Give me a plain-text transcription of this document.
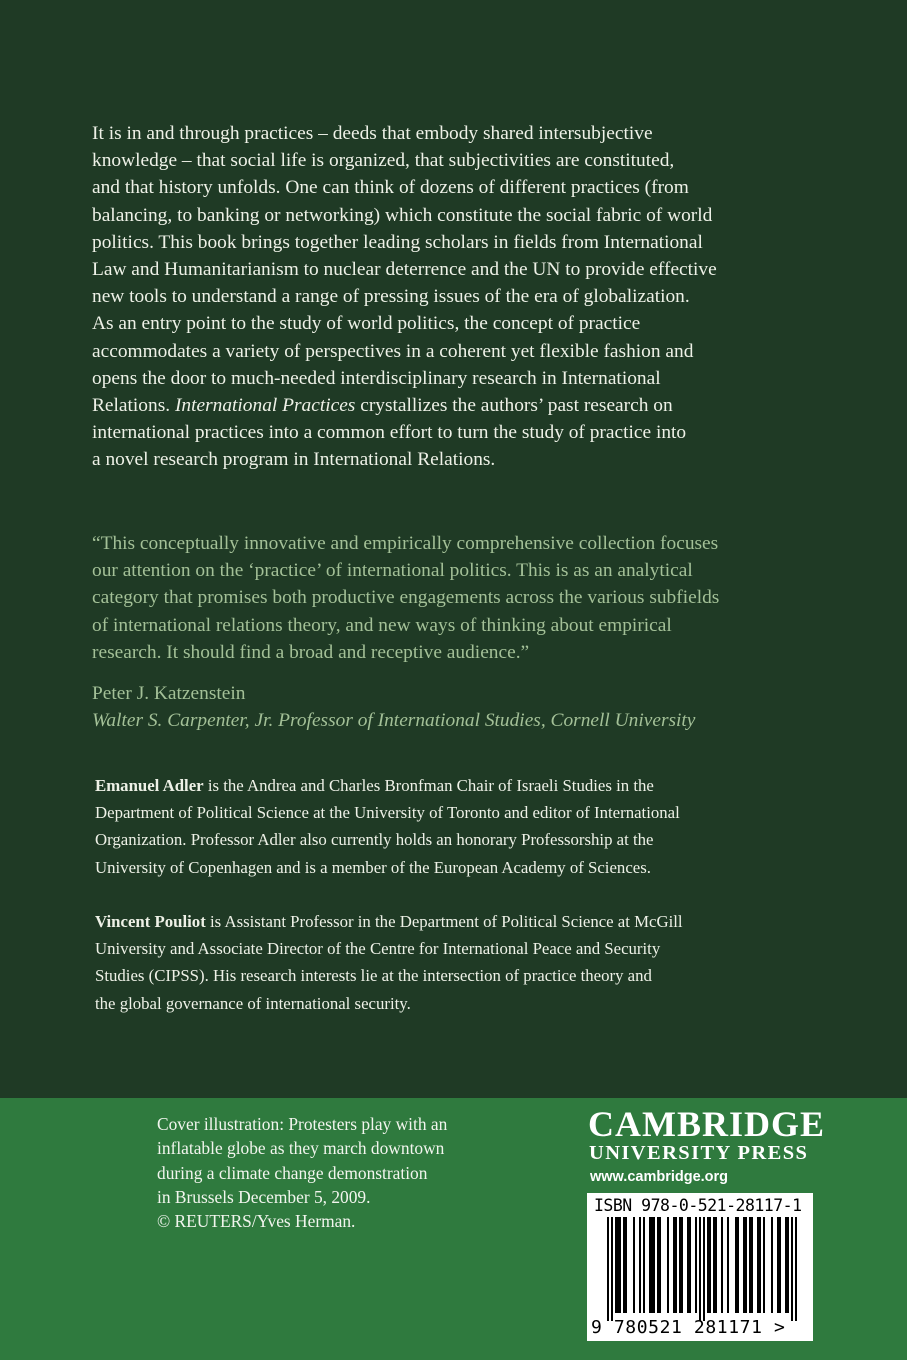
It is in and through practices – deeds that embody shared intersubjective
knowledge – that social life is organized, that subjectivities are constituted,
and that history unfolds. One can think of dozens of different practices (from
balancing, to banking or networking) which constitute the social fabric of world
politics. This book brings together leading scholars in fields from International
Law and Humanitarianism to nuclear deterrence and the UN to provide effective
new tools to understand a range of pressing issues of the era of globalization.
As an entry point to the study of world politics, the concept of practice
accommodates a variety of perspectives in a coherent yet flexible fashion and
opens the door to much-needed interdisciplinary research in International
Relations. International Practices crystallizes the authors’ past research on
international practices into a common effort to turn the study of practice into
a novel research program in International Relations.
“This conceptually innovative and empirically comprehensive collection focuses
our attention on the ‘practice’ of international politics. This is as an analytical
category that promises both productive engagements across the various subfields
of international relations theory, and new ways of thinking about empirical
research. It should find a broad and receptive audience.”
Peter J. Katzenstein
Walter S. Carpenter, Jr. Professor of International Studies, Cornell University
Emanuel Adler is the Andrea and Charles Bronfman Chair of Israeli Studies in the
Department of Political Science at the University of Toronto and editor of International
Organization. Professor Adler also currently holds an honorary Professorship at the
University of Copenhagen and is a member of the European Academy of Sciences.
Vincent Pouliot is Assistant Professor in the Department of Political Science at McGill
University and Associate Director of the Centre for International Peace and Security
Studies (CIPSS). His research interests lie at the intersection of practice theory and
the global governance of international security.
Cover illustration: Protesters play with an
inflatable globe as they march downtown
during a climate change demonstration
in Brussels December 5, 2009.
© REUTERS/Yves Herman.
CAMBRIDGE
UNIVERSITY PRESS
www.cambridge.org
ISBN 978-0-521-28117-1
9 780521 281171 >
